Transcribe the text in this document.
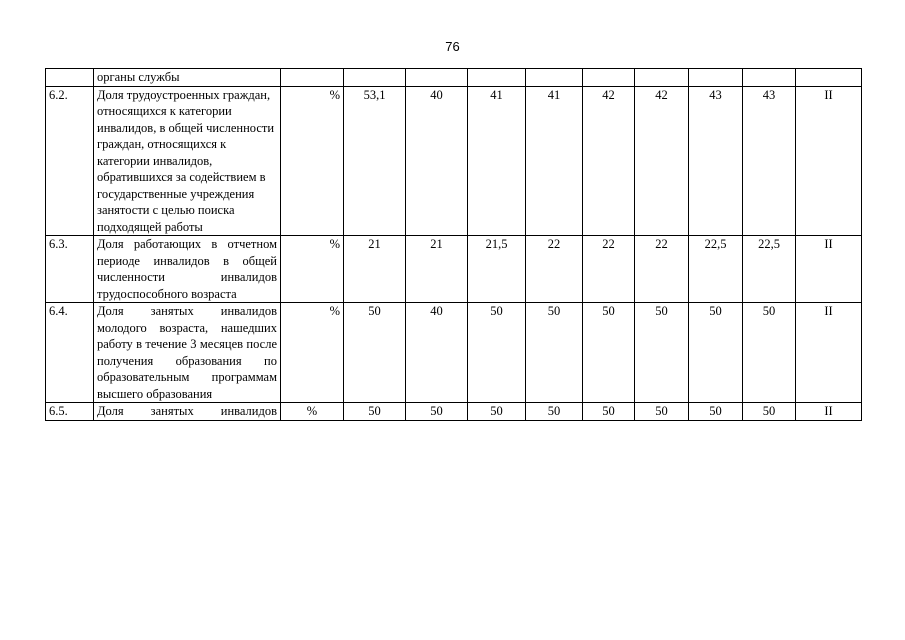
76
	органы службы										
6.2.	Доля трудоустроенных граждан, относящихся к категории инвалидов, в общей численности граждан, относящихся к категории инвалидов, обратившихся за содействием в государственные учреждения занятости с целью поиска подходящей работы	%	53,1	40	41	41	42	42	43	43	II
6.3.	Доля работающих в отчетном периоде инвалидов в общей численности инвалидов трудоспособного возраста	%	21	21	21,5	22	22	22	22,5	22,5	II
6.4.	Доля занятых инвалидов молодого возраста, нашедших работу в течение 3 месяцев после получения образования по образовательным программам высшего образования	%	50	40	50	50	50	50	50	50	II
6.5.	Доля занятых инвалидов	%	50	50	50	50	50	50	50	50	II
